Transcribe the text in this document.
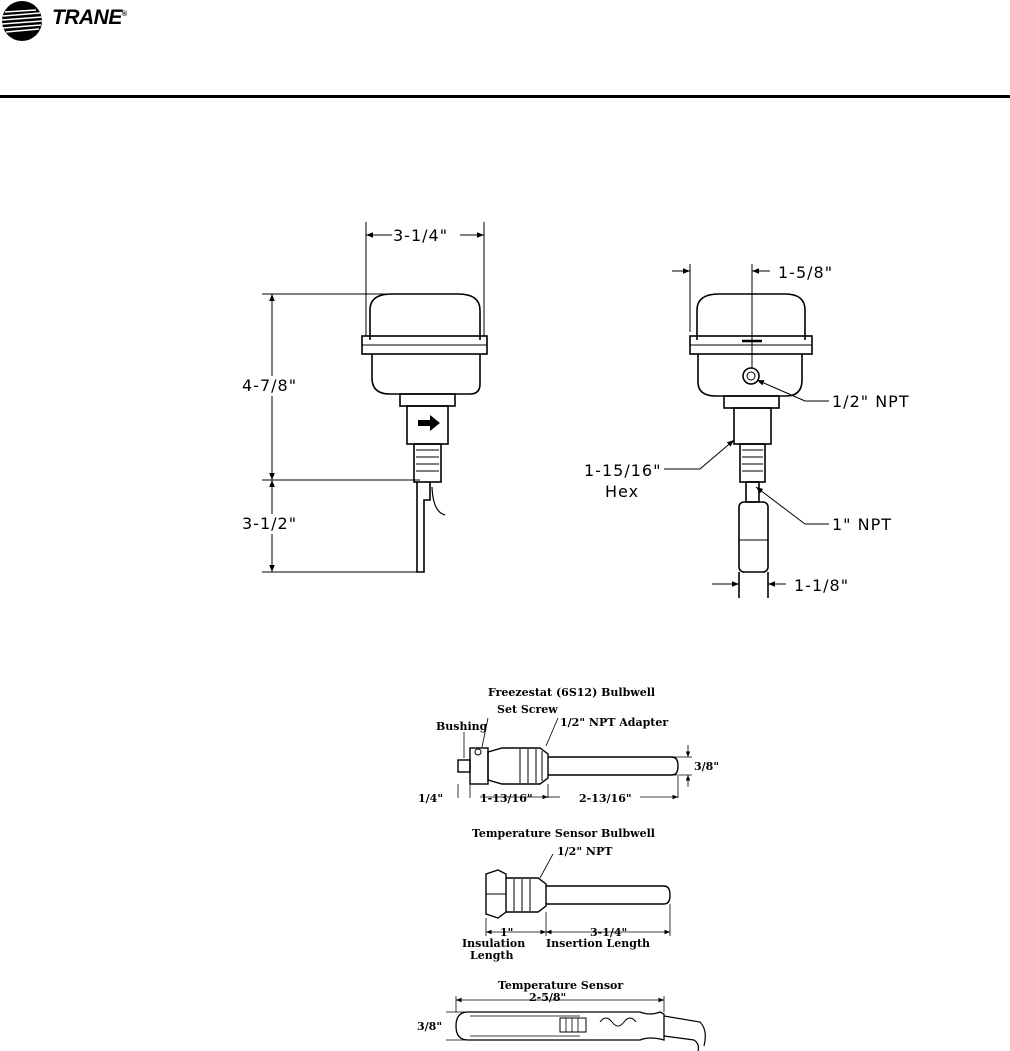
TRANE®
3-1/4"
4-7/8"
3-1/2"
1-5/8"
1/2" NPT
1-15/16"
Hex
1" NPT
1-1/8"
Freezestat (6S12) Bulbwell
Set Screw
1/2" NPT Adapter
Bushing
3/8"
1/4"	1-13/16"	2-13/16"
Temperature Sensor Bulbwell
1/2" NPT
1"
Insulation
Length
3-1/4"
Insertion Length
Temperature Sensor
2-5/8"
3/8"
